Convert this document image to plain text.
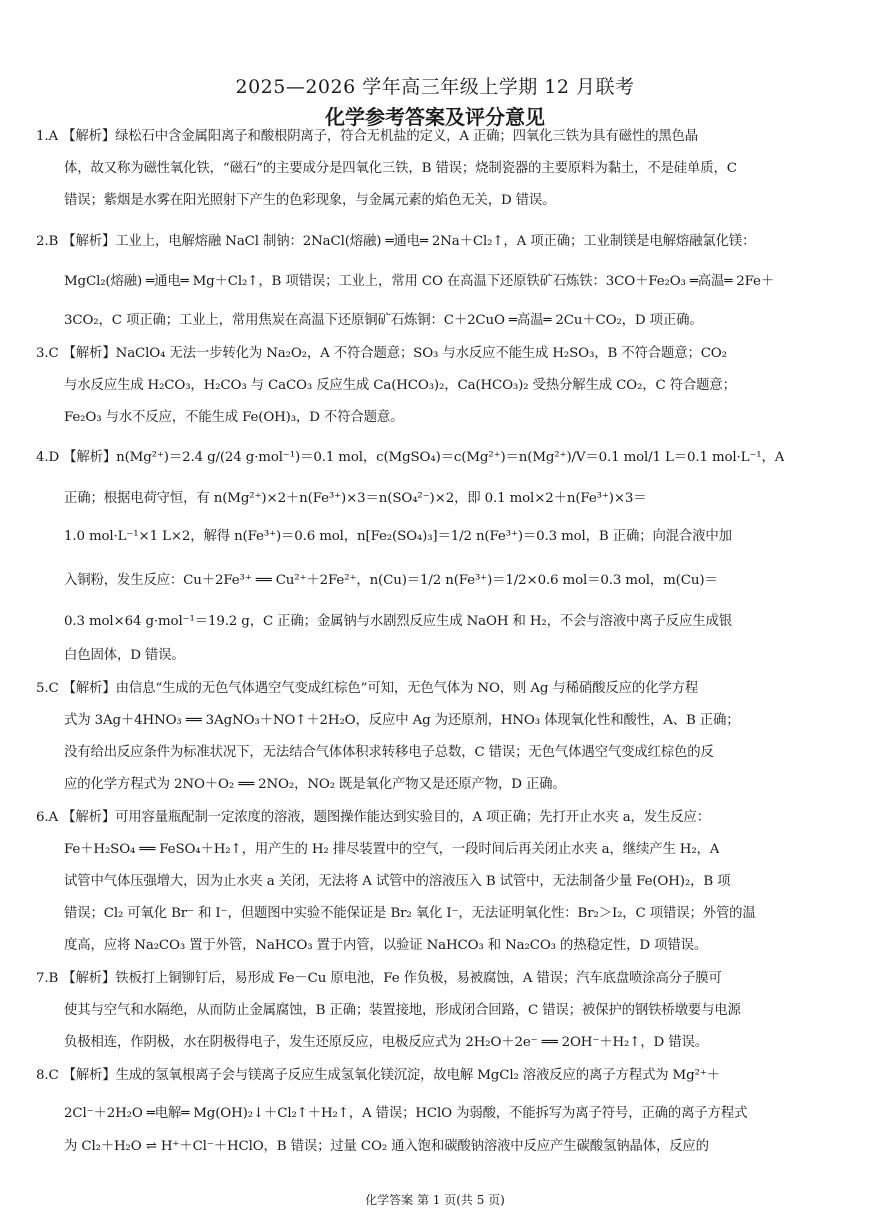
2025—2026 学年高三年级上学期 12 月联考
化学参考答案及评分意见
1.A 【解析】绿松石中含金属阳离子和酸根阴离子，符合无机盐的定义，A 正确；四氧化三铁为具有磁性的黑色晶
体，故又称为磁性氧化铁，“磁石”的主要成分是四氧化三铁，B 错误；烧制瓷器的主要原料为黏土，不是硅单质，C
错误；紫烟是水雾在阳光照射下产生的色彩现象，与金属元素的焰色无关，D 错误。
2.B 【解析】工业上，电解熔融 NaCl 制钠：2NaCl(熔融) ═通电═ 2Na＋Cl₂↑，A 项正确；工业制镁是电解熔融氯化镁：
MgCl₂(熔融) ═通电═ Mg＋Cl₂↑，B 项错误；工业上，常用 CO 在高温下还原铁矿石炼铁：3CO＋Fe₂O₃ ═高温═ 2Fe＋
3CO₂，C 项正确；工业上，常用焦炭在高温下还原铜矿石炼铜：C＋2CuO ═高温═ 2Cu＋CO₂，D 项正确。
3.C 【解析】NaClO₄ 无法一步转化为 Na₂O₂，A 不符合题意；SO₃ 与水反应不能生成 H₂SO₃，B 不符合题意；CO₂
与水反应生成 H₂CO₃，H₂CO₃ 与 CaCO₃ 反应生成 Ca(HCO₃)₂，Ca(HCO₃)₂ 受热分解生成 CO₂，C 符合题意；
Fe₂O₃ 与水不反应，不能生成 Fe(OH)₃，D 不符合题意。
4.D 【解析】n(Mg²⁺)＝2.4 g/(24 g·mol⁻¹)＝0.1 mol，c(MgSO₄)＝c(Mg²⁺)＝n(Mg²⁺)/V＝0.1 mol/1 L＝0.1 mol·L⁻¹，A
正确；根据电荷守恒，有 n(Mg²⁺)×2＋n(Fe³⁺)×3＝n(SO₄²⁻)×2，即 0.1 mol×2＋n(Fe³⁺)×3＝
1.0 mol·L⁻¹×1 L×2，解得 n(Fe³⁺)＝0.6 mol，n[Fe₂(SO₄)₃]＝1/2 n(Fe³⁺)＝0.3 mol，B 正确；向混合液中加
入铜粉，发生反应：Cu＋2Fe³⁺ ══ Cu²⁺＋2Fe²⁺，n(Cu)＝1/2 n(Fe³⁺)＝1/2×0.6 mol＝0.3 mol，m(Cu)＝
0.3 mol×64 g·mol⁻¹＝19.2 g，C 正确；金属钠与水剧烈反应生成 NaOH 和 H₂，不会与溶液中离子反应生成银
白色固体，D 错误。
5.C 【解析】由信息“生成的无色气体遇空气变成红棕色”可知，无色气体为 NO，则 Ag 与稀硝酸反应的化学方程
式为 3Ag＋4HNO₃ ══ 3AgNO₃＋NO↑＋2H₂O，反应中 Ag 为还原剂，HNO₃ 体现氧化性和酸性，A、B 正确；
没有给出反应条件为标准状况下，无法结合气体体积求转移电子总数，C 错误；无色气体遇空气变成红棕色的反
应的化学方程式为 2NO＋O₂ ══ 2NO₂，NO₂ 既是氧化产物又是还原产物，D 正确。
6.A 【解析】可用容量瓶配制一定浓度的溶液，题图操作能达到实验目的，A 项正确；先打开止水夹 a，发生反应：
Fe＋H₂SO₄ ══ FeSO₄＋H₂↑，用产生的 H₂ 排尽装置中的空气，一段时间后再关闭止水夹 a，继续产生 H₂，A
试管中气体压强增大，因为止水夹 a 关闭，无法将 A 试管中的溶液压入 B 试管中，无法制备少量 Fe(OH)₂，B 项
错误；Cl₂ 可氧化 Br⁻ 和 I⁻，但题图中实验不能保证是 Br₂ 氧化 I⁻，无法证明氧化性：Br₂＞I₂，C 项错误；外管的温
度高，应将 Na₂CO₃ 置于外管，NaHCO₃ 置于内管，以验证 NaHCO₃ 和 Na₂CO₃ 的热稳定性，D 项错误。
7.B 【解析】铁板打上铜铆钉后，易形成 Fe－Cu 原电池，Fe 作负极，易被腐蚀，A 错误；汽车底盘喷涂高分子膜可
使其与空气和水隔绝，从而防止金属腐蚀，B 正确；装置接地，形成闭合回路，C 错误；被保护的钢铁桥墩要与电源
负极相连，作阴极，水在阴极得电子，发生还原反应，电极反应式为 2H₂O＋2e⁻ ══ 2OH⁻＋H₂↑，D 错误。
8.C 【解析】生成的氢氧根离子会与镁离子反应生成氢氧化镁沉淀，故电解 MgCl₂ 溶液反应的离子方程式为 Mg²⁺＋
2Cl⁻＋2H₂O ═电解═ Mg(OH)₂↓＋Cl₂↑＋H₂↑，A 错误；HClO 为弱酸，不能拆写为离子符号，正确的离子方程式
为 Cl₂＋H₂O ⇌ H⁺＋Cl⁻＋HClO，B 错误；过量 CO₂ 通入饱和碳酸钠溶液中反应产生碳酸氢钠晶体，反应的
化学答案 第 1 页(共 5 页)
